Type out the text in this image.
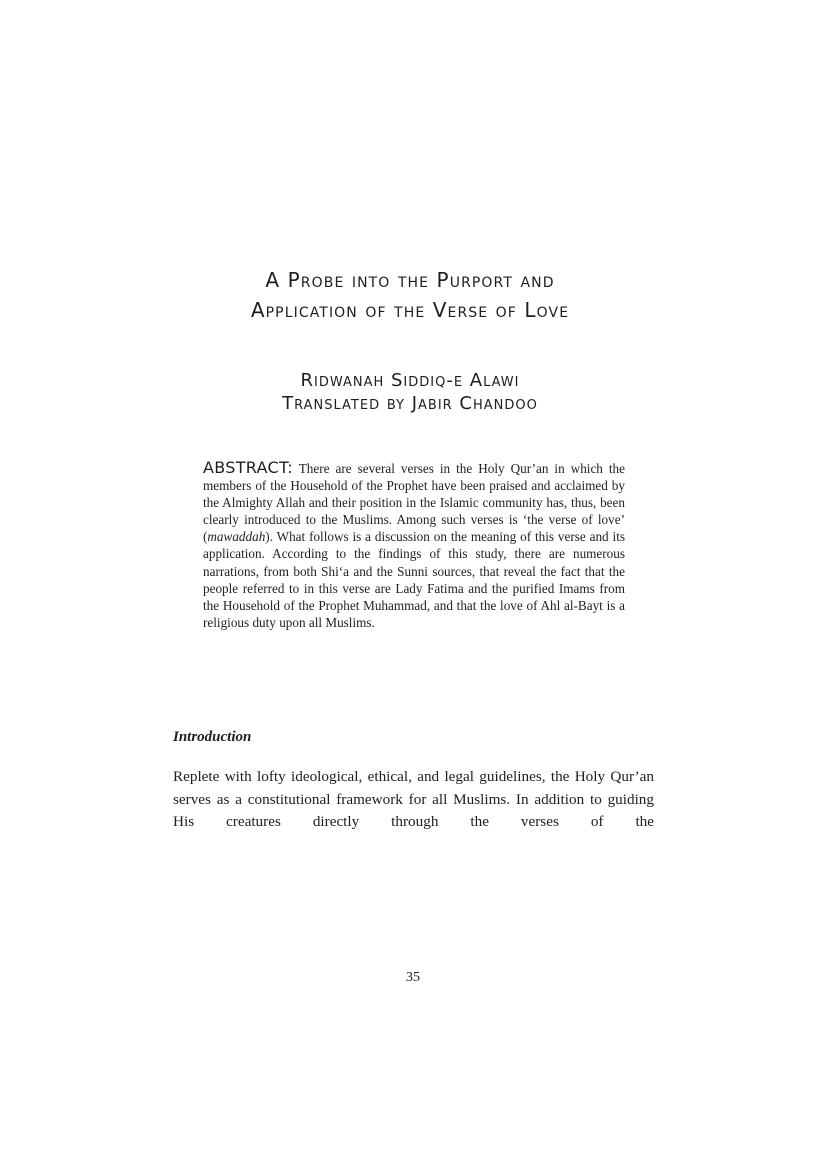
A Probe into the Purport and
Application of the Verse of Love

Ridwanah Siddiq-e Alawi

Translated by Jabir Chandoo

ABSTRACT: There are several verses in the Holy Qur’an in which the members of the Household of the Prophet have been praised and acclaimed by the Almighty Allah and their position in the Islamic community has, thus, been clearly introduced to the Muslims. Among such verses is ‘the verse of love’ (mawaddah). What follows is a discussion on the meaning of this verse and its application. According to the findings of this study, there are numerous narrations, from both Shi‘a and the Sunni sources, that reveal the fact that the people referred to in this verse are Lady Fatima and the purified Imams from the Household of the Prophet Muhammad, and that the love of Ahl al-Bayt is a religious duty upon all Muslims.

Introduction

Replete with lofty ideological, ethical, and legal guidelines, the Holy Qur’an serves as a constitutional framework for all Muslims. In addition to guiding His creatures directly through the verses of the

35
